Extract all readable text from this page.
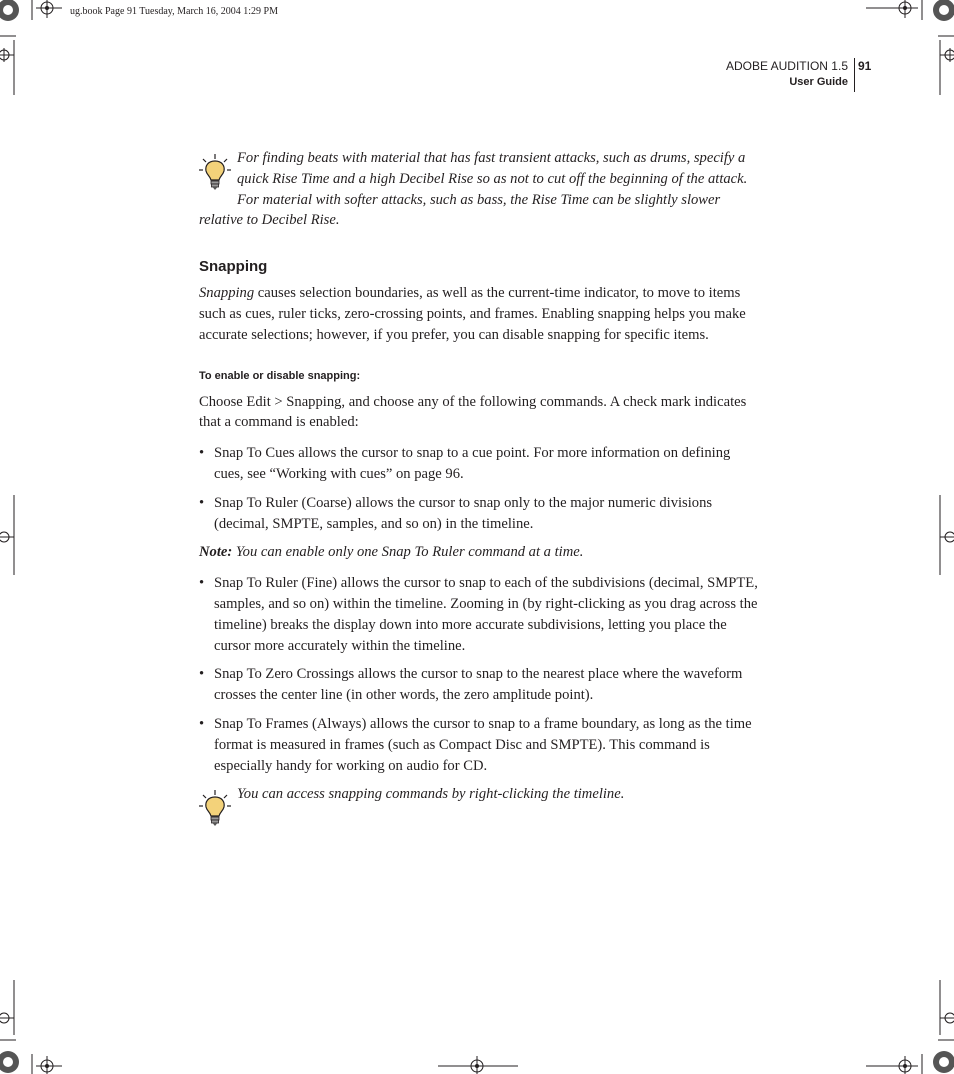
ug.book Page 91 Tuesday, March 16, 2004 1:29 PM
ADOBE AUDITION 1.5
User Guide
91

For finding beats with material that has fast transient attacks, such as drums, specify a quick Rise Time and a high Decibel Rise so as not to cut off the beginning of the attack. For material with softer attacks, such as bass, the Rise Time can be slightly slower relative to Decibel Rise.

Snapping

Snapping causes selection boundaries, as well as the current-time indicator, to move to items such as cues, ruler ticks, zero-crossing points, and frames. Enabling snapping helps you make accurate selections; however, if you prefer, you can disable snapping for specific items.

To enable or disable snapping:

Choose Edit > Snapping, and choose any of the following commands. A check mark indicates that a command is enabled:

• Snap To Cues allows the cursor to snap to a cue point. For more information on defining cues, see “Working with cues” on page 96.
• Snap To Ruler (Coarse) allows the cursor to snap only to the major numeric divisions (decimal, SMPTE, samples, and so on) in the timeline.

Note: You can enable only one Snap To Ruler command at a time.

• Snap To Ruler (Fine) allows the cursor to snap to each of the subdivisions (decimal, SMPTE, samples, and so on) within the timeline. Zooming in (by right-clicking as you drag across the timeline) breaks the display down into more accurate subdivisions, letting you place the cursor more accurately within the timeline.
• Snap To Zero Crossings allows the cursor to snap to the nearest place where the waveform crosses the center line (in other words, the zero amplitude point).
• Snap To Frames (Always) allows the cursor to snap to a frame boundary, as long as the time format is measured in frames (such as Compact Disc and SMPTE). This command is especially handy for working on audio for CD.

You can access snapping commands by right-clicking the timeline.
